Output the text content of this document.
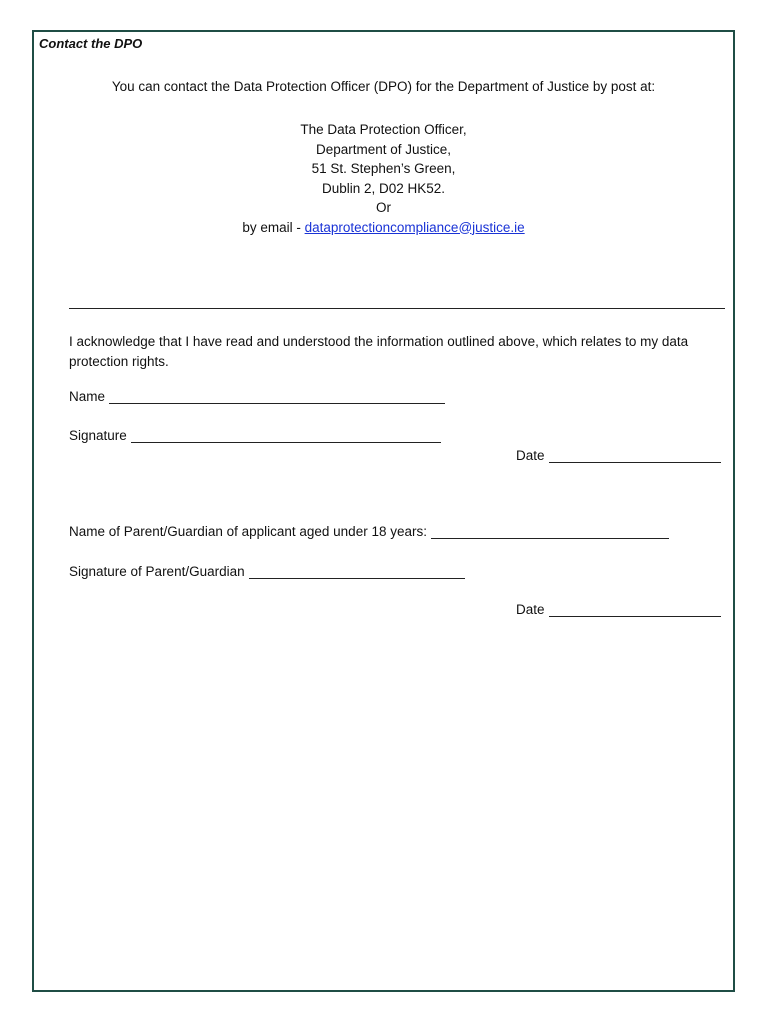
Contact the DPO

You can contact the Data Protection Officer (DPO) for the Department of Justice by post at:
The Data Protection Officer,
Department of Justice,
51 St. Stephen’s Green,
Dublin 2, D02 HK52.
Or
by email - dataprotectioncompliance@justice.ie
I acknowledge that I have read and understood the information outlined above, which relates to my data protection rights.
Name
Signature
Date
Name of Parent/Guardian of applicant aged under 18 years:
Signature of Parent/Guardian
Date
